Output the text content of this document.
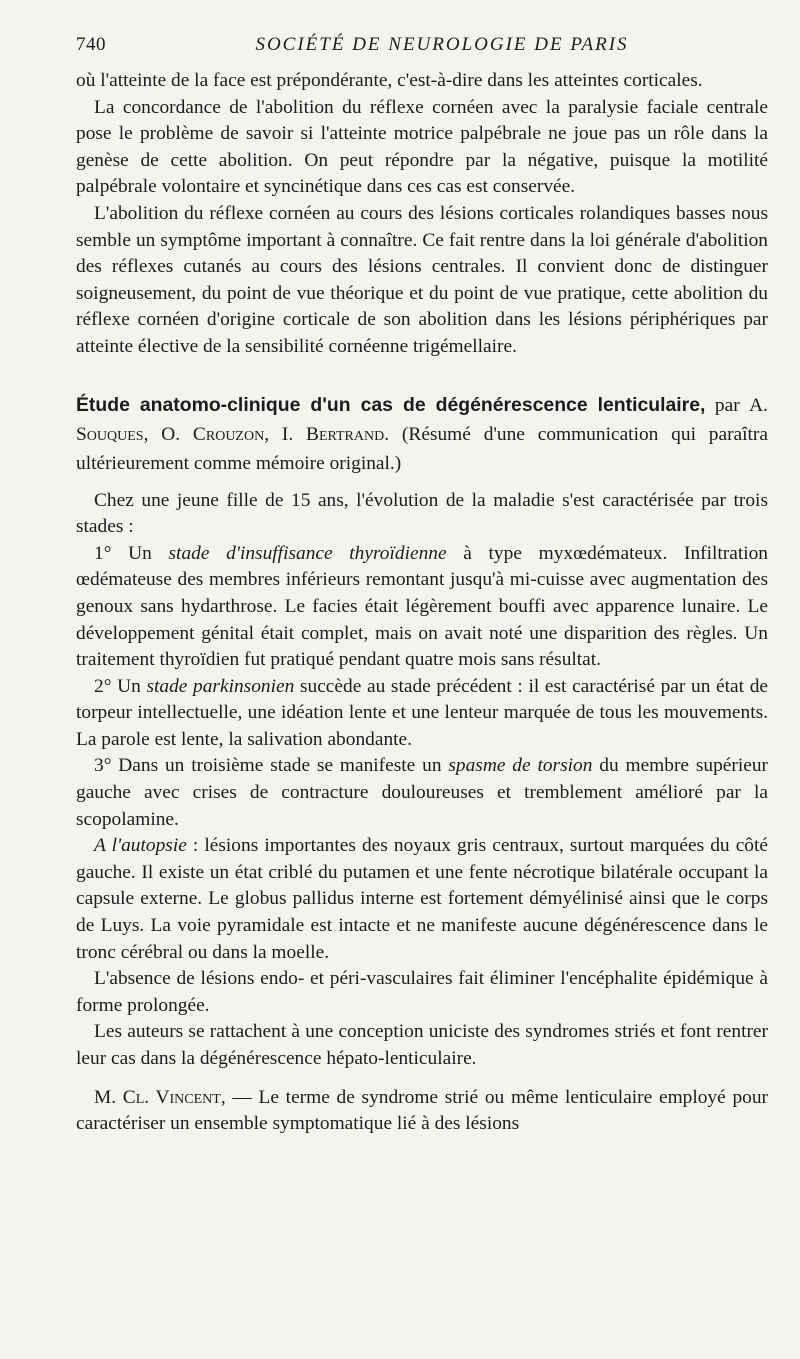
740	SOCIÉTÉ DE NEUROLOGIE DE PARIS

où l'atteinte de la face est prépondérante, c'est-à-dire dans les atteintes corticales.

La concordance de l'abolition du réflexe cornéen avec la paralysie faciale centrale pose le problème de savoir si l'atteinte motrice palpébrale ne joue pas un rôle dans la genèse de cette abolition. On peut répondre par la négative, puisque la motilité palpébrale volontaire et syncinétique dans ces cas est conservée.

L'abolition du réflexe cornéen au cours des lésions corticales rolandiques basses nous semble un symptôme important à connaître. Ce fait rentre dans la loi générale d'abolition des réflexes cutanés au cours des lésions centrales. Il convient donc de distinguer soigneusement, du point de vue théorique et du point de vue pratique, cette abolition du réflexe cornéen d'origine corticale de son abolition dans les lésions périphériques par atteinte élective de la sensibilité cornéenne trigémellaire.

Étude anatomo-clinique d'un cas de dégénérescence lenticulaire, par A. Souques, O. Crouzon, I. Bertrand. (Résumé d'une communication qui paraîtra ultérieurement comme mémoire original.)

Chez une jeune fille de 15 ans, l'évolution de la maladie s'est caractérisée par trois stades :

1° Un stade d'insuffisance thyroïdienne à type myxœdémateux. Infiltration œdémateuse des membres inférieurs remontant jusqu'à mi-cuisse avec augmentation des genoux sans hydarthrose. Le facies était légèrement bouffi avec apparence lunaire. Le développement génital était complet, mais on avait noté une disparition des règles. Un traitement thyroïdien fut pratiqué pendant quatre mois sans résultat.

2° Un stade parkinsonien succède au stade précédent : il est caractérisé par un état de torpeur intellectuelle, une idéation lente et une lenteur marquée de tous les mouvements. La parole est lente, la salivation abondante.

3° Dans un troisième stade se manifeste un spasme de torsion du membre supérieur gauche avec crises de contracture douloureuses et tremblement amélioré par la scopolamine.

A l'autopsie : lésions importantes des noyaux gris centraux, surtout marquées du côté gauche. Il existe un état criblé du putamen et une fente nécrotique bilatérale occupant la capsule externe. Le globus pallidus interne est fortement démyélinisé ainsi que le corps de Luys. La voie pyramidale est intacte et ne manifeste aucune dégénérescence dans le tronc cérébral ou dans la moelle.

L'absence de lésions endo- et péri-vasculaires fait éliminer l'encéphalite épidémique à forme prolongée.

Les auteurs se rattachent à une conception uniciste des syndromes striés et font rentrer leur cas dans la dégénérescence hépato-lenticulaire.

M. Cl. Vincent, — Le terme de syndrome strié ou même lenticulaire employé pour caractériser un ensemble symptomatique lié à des lésions
